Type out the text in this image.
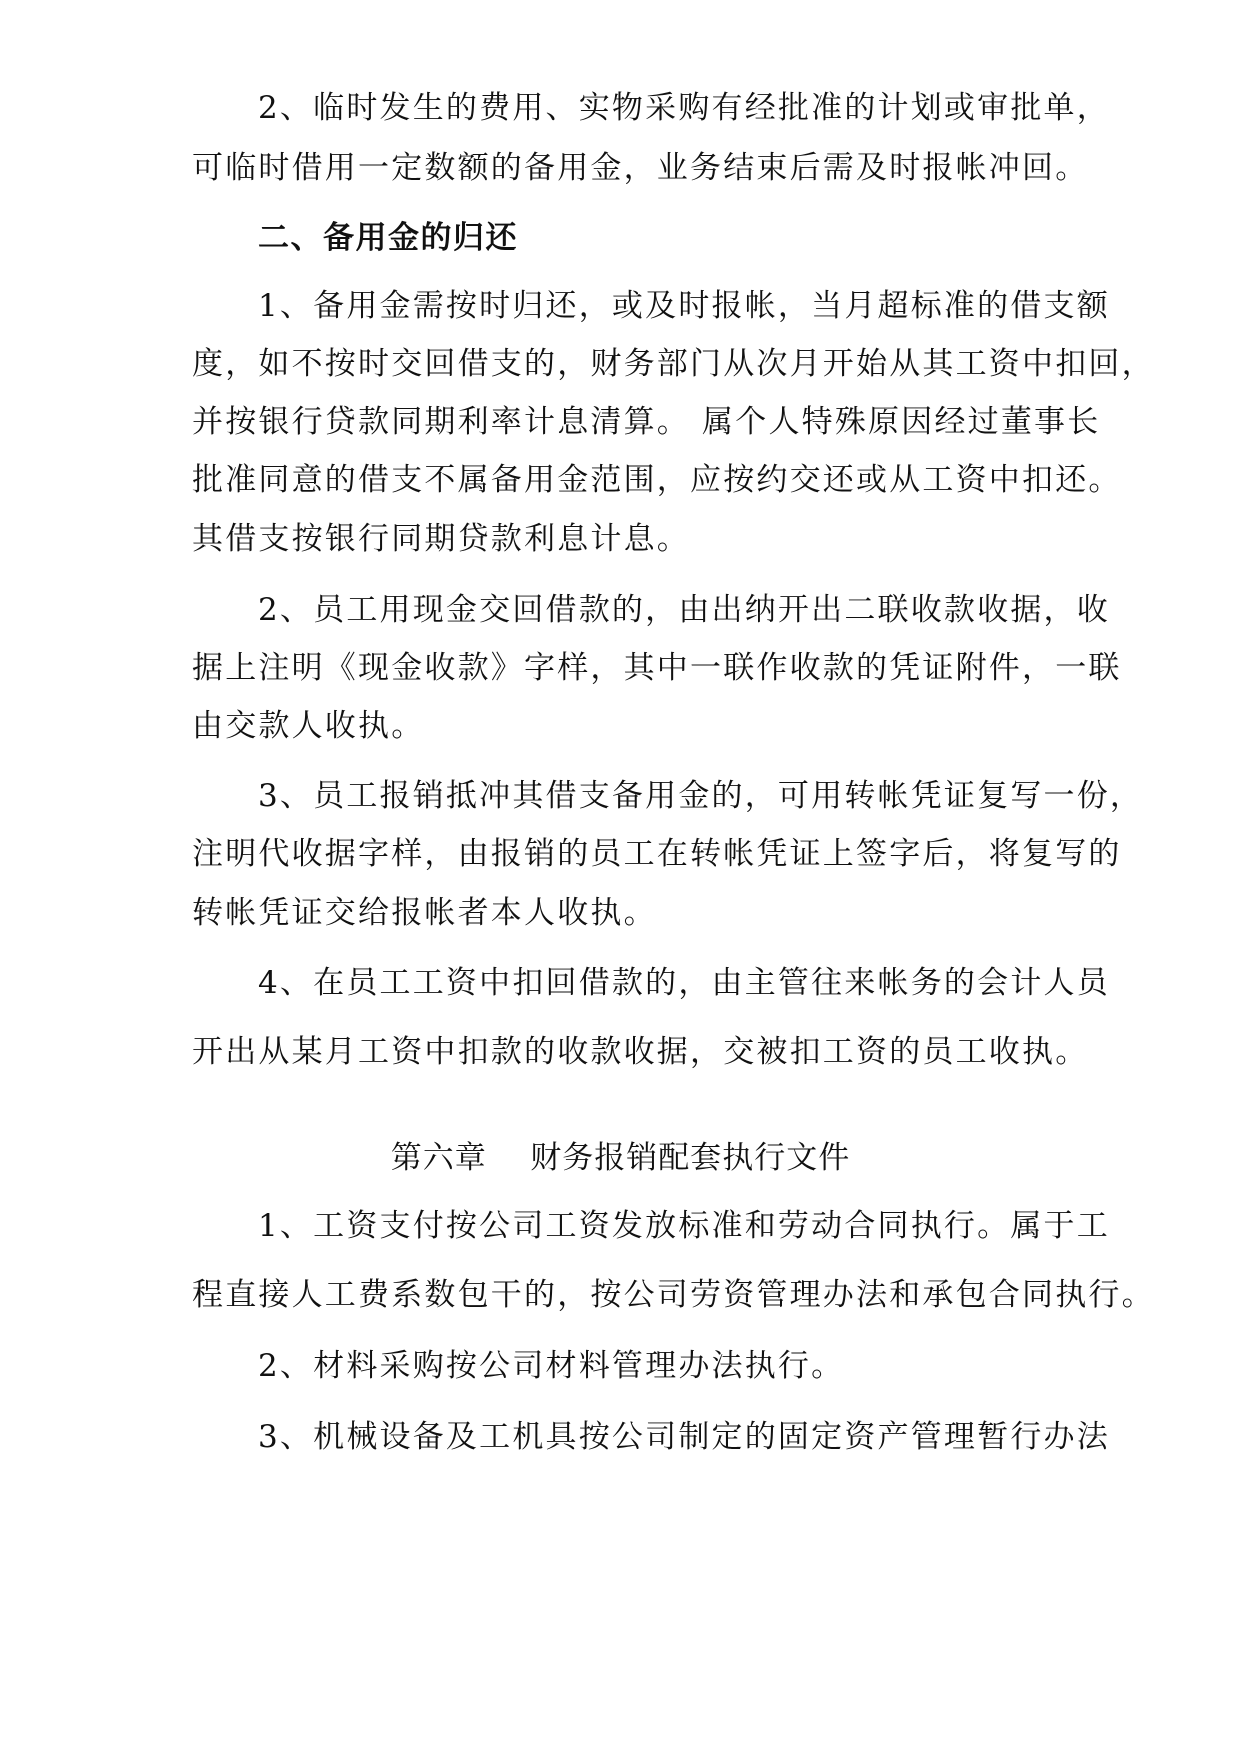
2、临时发生的费用、实物采购有经批准的计划或审批单，
可临时借用一定数额的备用金，业务结束后需及时报帐冲回。
二、备用金的归还
1、备用金需按时归还，或及时报帐，当月超标准的借支额
度，如不按时交回借支的，财务部门从次月开始从其工资中扣回，
并按银行贷款同期利率计息清算。 属个人特殊原因经过董事长
批准同意的借支不属备用金范围，应按约交还或从工资中扣还。
其借支按银行同期贷款利息计息。
2、员工用现金交回借款的，由出纳开出二联收款收据，收
据上注明《现金收款》字样，其中一联作收款的凭证附件，一联
由交款人收执。
3、员工报销抵冲其借支备用金的，可用转帐凭证复写一份，
注明代收据字样，由报销的员工在转帐凭证上签字后，将复写的
转帐凭证交给报帐者本人收执。
4、在员工工资中扣回借款的，由主管往来帐务的会计人员
开出从某月工资中扣款的收款收据，交被扣工资的员工收执。
第六章    财务报销配套执行文件
1、工资支付按公司工资发放标准和劳动合同执行。属于工
程直接人工费系数包干的，按公司劳资管理办法和承包合同执行。
2、材料采购按公司材料管理办法执行。
3、机械设备及工机具按公司制定的固定资产管理暂行办法
